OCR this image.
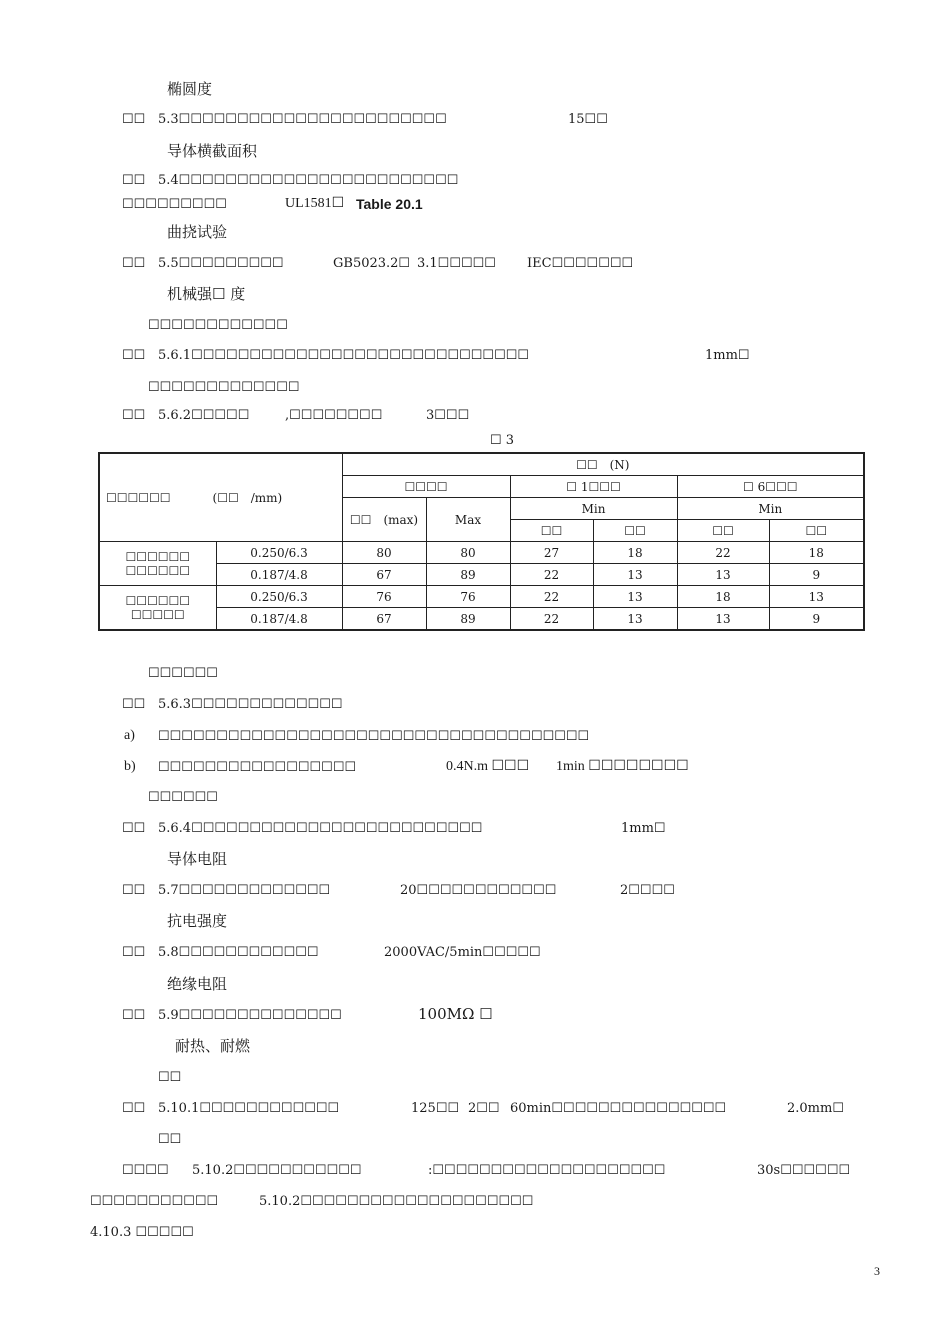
椭圆度
☐☐ 5.3☐☐☐☐☐☐☐☐☐☐☐☐☐☐☐☐☐☐☐☐☐☐☐	15☐☐
导体横截面积
☐☐ 5.4☐☐☐☐☐☐☐☐☐☐☐☐☐☐☐☐☐☐☐☐☐☐☐☐
☐☐☐☐☐☐☐☐☐	UL1581☐ Table 20.1
曲挠试验
☐☐ 5.5☐☐☐☐☐☐☐☐☐	GB5023.2☐ 3.1☐☐☐☐☐ IEC☐☐☐☐☐☐☐
机械强☐ 度
☐☐☐☐☐☐☐☐☐☐☐☐
☐☐ 5.6.1☐☐☐☐☐☐☐☐☐☐☐☐☐☐☐☐☐☐☐☐☐☐☐☐☐☐☐☐☐	1mm☐
☐☐☐☐☐☐☐☐☐☐☐☐☐
☐☐ 5.6.2☐☐☐☐☐	,☐☐☐☐☐☐☐☐	3☐☐☐
☐ 3
☐☐☐☐☐☐ (☐☐　/mm)		☐☐　(N)					
		☐☐☐☐		☐ 1☐☐☐		☐ 6☐☐☐	
		☐☐　(max)	Max	Min		Min	
				☐☐	☐☐	☐☐	☐☐

☐☐☐☐☐☐
☐☐☐☐☐☐	0.250/6.3	80	80	27	18	22	18
	0.187/4.8	67	89	22	13	13	9

☐☐☐☐☐☐
☐☐☐☐☐	0.250/6.3	76	76	22	13	18	13
	0.187/4.8	67	89	22	13	13	9
☐☐☐☐☐☐
☐☐ 5.6.3☐☐☐☐☐☐☐☐☐☐☐☐☐
a) ☐☐☐☐☐☐☐☐☐☐☐☐☐☐☐☐☐☐☐☐☐☐☐☐☐☐☐☐☐☐☐☐☐☐☐☐☐
b) ☐☐☐☐☐☐☐☐☐☐☐☐☐☐☐☐☐	0.4N.m ☐☐☐ 1min ☐☐☐☐☐☐☐☐
☐☐☐☐☐☐
☐☐ 5.6.4☐☐☐☐☐☐☐☐☐☐☐☐☐☐☐☐☐☐☐☐☐☐☐☐☐	1mm☐
导体电阻
☐☐ 5.7☐☐☐☐☐☐☐☐☐☐☐☐☐	20☐☐☐☐☐☐☐☐☐☐☐☐	2☐☐☐☐
抗电强度
☐☐ 5.8☐☐☐☐☐☐☐☐☐☐☐☐	2000VAC/5min☐☐☐☐☐
绝缘电阻
☐☐ 5.9☐☐☐☐☐☐☐☐☐☐☐☐☐☐	100MΩ ☐
耐热、耐燃
☐☐
☐☐ 5.10.1☐☐☐☐☐☐☐☐☐☐☐☐	125☐☐ 2☐☐ 60min☐☐☐☐☐☐☐☐☐☐☐☐☐☐☐	2.0mm☐
☐☐
☐☐☐☐ 5.10.2☐☐☐☐☐☐☐☐☐☐☐	:☐☐☐☐☐☐☐☐☐☐☐☐☐☐☐☐☐☐☐☐	30s☐☐☐☐☐☐
☐☐☐☐☐☐☐☐☐☐☐	5.10.2☐☐☐☐☐☐☐☐☐☐☐☐☐☐☐☐☐☐☐☐
4.10.3 ☐☐☐☐☐
3
